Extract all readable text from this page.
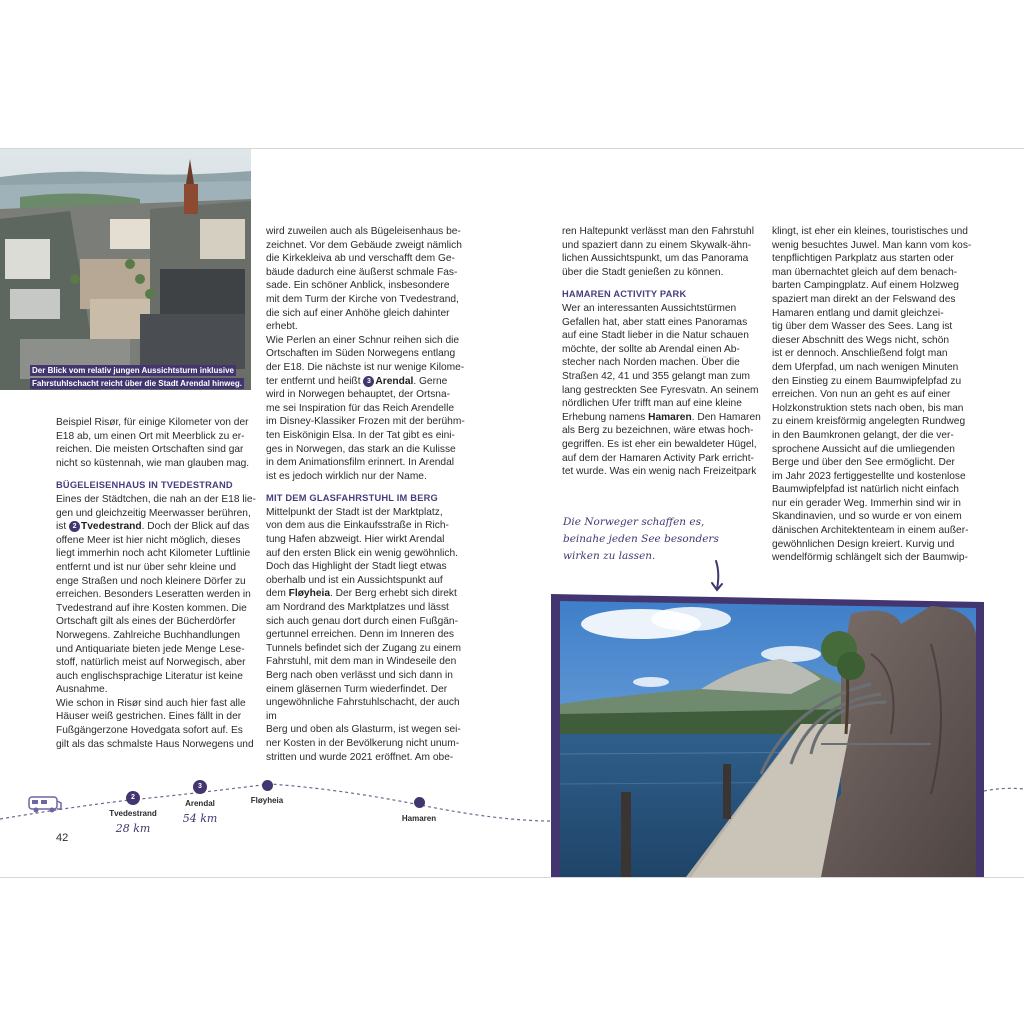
Der Blick vom relativ jungen Aussichtsturm inklusive Fahrstuhlschacht reicht über die Stadt Arendal hinweg.

Beispiel Risør, für einige Kilometer von der
E18 ab, um einen Ort mit Meerblick zu er-
reichen. Die meisten Ortschaften sind gar
nicht so küstennah, wie man glauben mag.

BÜGELEISENHAUS IN TVEDESTRAND

Eines der Städtchen, die nah an der E18 lie-
gen und gleichzeitig Meerwasser berühren,
ist 2 Tvedestrand. Doch der Blick auf das
offene Meer ist hier nicht möglich, dieses
liegt immerhin noch acht Kilometer Luftlinie
entfernt und ist nur über sehr kleine und
enge Straßen und noch kleinere Dörfer zu
erreichen. Besonders Leseratten werden in
Tvedestrand auf ihre Kosten kommen. Die
Ortschaft gilt als eines der Bücherdörfer
Norwegens. Zahlreiche Buchhandlungen
und Antiquariate bieten jede Menge Lese-
stoff, natürlich meist auf Norwegisch, aber
auch englischsprachige Literatur ist keine
Ausnahme.

Wie schon in Risør sind auch hier fast alle
Häuser weiß gestrichen. Eines fällt in der
Fußgängerzone Hovedgata sofort auf. Es
gilt als das schmalste Haus Norwegens und

wird zuweilen auch als Bügeleisenhaus be-
zeichnet. Vor dem Gebäude zweigt nämlich
die Kirkekleiva ab und verschafft dem Ge-
bäude dadurch eine äußerst schmale Fas-
sade. Ein schöner Anblick, insbesondere
mit dem Turm der Kirche von Tvedestrand,
die sich auf einer Anhöhe gleich dahinter
erhebt.

Wie Perlen an einer Schnur reihen sich die
Ortschaften im Süden Norwegens entlang
der E18. Die nächste ist nur wenige Kilome-
ter entfernt und heißt 3 Arendal. Gerne
wird in Norwegen behauptet, der Ortsna-
me sei Inspiration für das Reich Arendelle
im Disney-Klassiker Frozen mit der berühm-
ten Eiskönigin Elsa. In der Tat gibt es eini-
ges in Norwegen, das stark an die Kulisse
in dem Animationsfilm erinnert. In Arendal
ist es jedoch wirklich nur der Name.

MIT DEM GLASFAHRSTUHL IM BERG

Mittelpunkt der Stadt ist der Marktplatz,
von dem aus die Einkaufsstraße in Rich-
tung Hafen abzweigt. Hier wirkt Arendal
auf den ersten Blick ein wenig gewöhnlich.
Doch das Highlight der Stadt liegt etwas
oberhalb und ist ein Aussichtspunkt auf
dem Fløyheia. Der Berg erhebt sich direkt
am Nordrand des Marktplatzes und lässt
sich auch genau dort durch einen Fußgän-
gertunnel erreichen. Denn im Inneren des
Tunnels befindet sich der Zugang zu einem
Fahrstuhl, mit dem man in Windeseile den
Berg nach oben verlässt und sich dann in
einem gläsernen Turm wiederfindet. Der
ungewöhnliche Fahrstuhlschacht, der auch im
Berg und oben als Glasturm, ist wegen sei-
ner Kosten in der Bevölkerung nicht unum-
stritten und wurde 2021 eröffnet. Am obe-

ren Haltepunkt verlässt man den Fahrstuhl
und spaziert dann zu einem Skywalk-ähn-
lichen Aussichtspunkt, um das Panorama
über die Stadt genießen zu können.

HAMAREN ACTIVITY PARK

Wer an interessanten Aussichtstürmen
Gefallen hat, aber statt eines Panoramas
auf eine Stadt lieber in die Natur schauen
möchte, der sollte ab Arendal einen Ab-
stecher nach Norden machen. Über die
Straßen 42, 41 und 355 gelangt man zum
lang gestreckten See Fyresvatn. An seinem
nördlichen Ufer trifft man auf eine kleine
Erhebung namens Hamaren. Den Hamaren
als Berg zu bezeichnen, wäre etwas hoch-
gegriffen. Es ist eher ein bewaldeter Hügel,
auf dem der Hamaren Activity Park erricht-
tet wurde. Was ein wenig nach Freizeitpark

klingt, ist eher ein kleines, touristisches und
wenig besuchtes Juwel. Man kann vom kos-
tenpflichtigen Parkplatz aus starten oder
man übernachtet gleich auf dem benach-
barten Campingplatz. Auf einem Holzweg
spaziert man direkt an der Felswand des
Hamaren entlang und damit gleichzei-
tig über dem Wasser des Sees. Lang ist
dieser Abschnitt des Wegs nicht, schön
ist er dennoch. Anschließend folgt man
dem Uferpfad, um nach wenigen Minuten
den Einstieg zu einem Baumwipfelpfad zu
erreichen. Von nun an geht es auf einer
Holzkonstruktion stets nach oben, bis man
zu einem kreisförmig angelegten Rundweg
in den Baumkronen gelangt, der die ver-
sprochene Aussicht auf die umliegenden
Berge und über den See ermöglicht. Der
im Jahr 2023 fertiggestellte und kostenlose
Baumwipfelpfad ist natürlich nicht einfach
nur ein gerader Weg. Immerhin sind wir in
Skandinavien, und so wurde er von einem
dänischen Architektenteam in einem außer-
gewöhnlichen Design kreiert. Kurvig und
wendelförmig schlängelt sich der Baumwip-

Die Norweger schaffen es,
beinahe jeden See besonders
wirken zu lassen.
2
Tvedestrand
28 km
3
Arendal
54 km
Fløyheia
Hamaren
42
